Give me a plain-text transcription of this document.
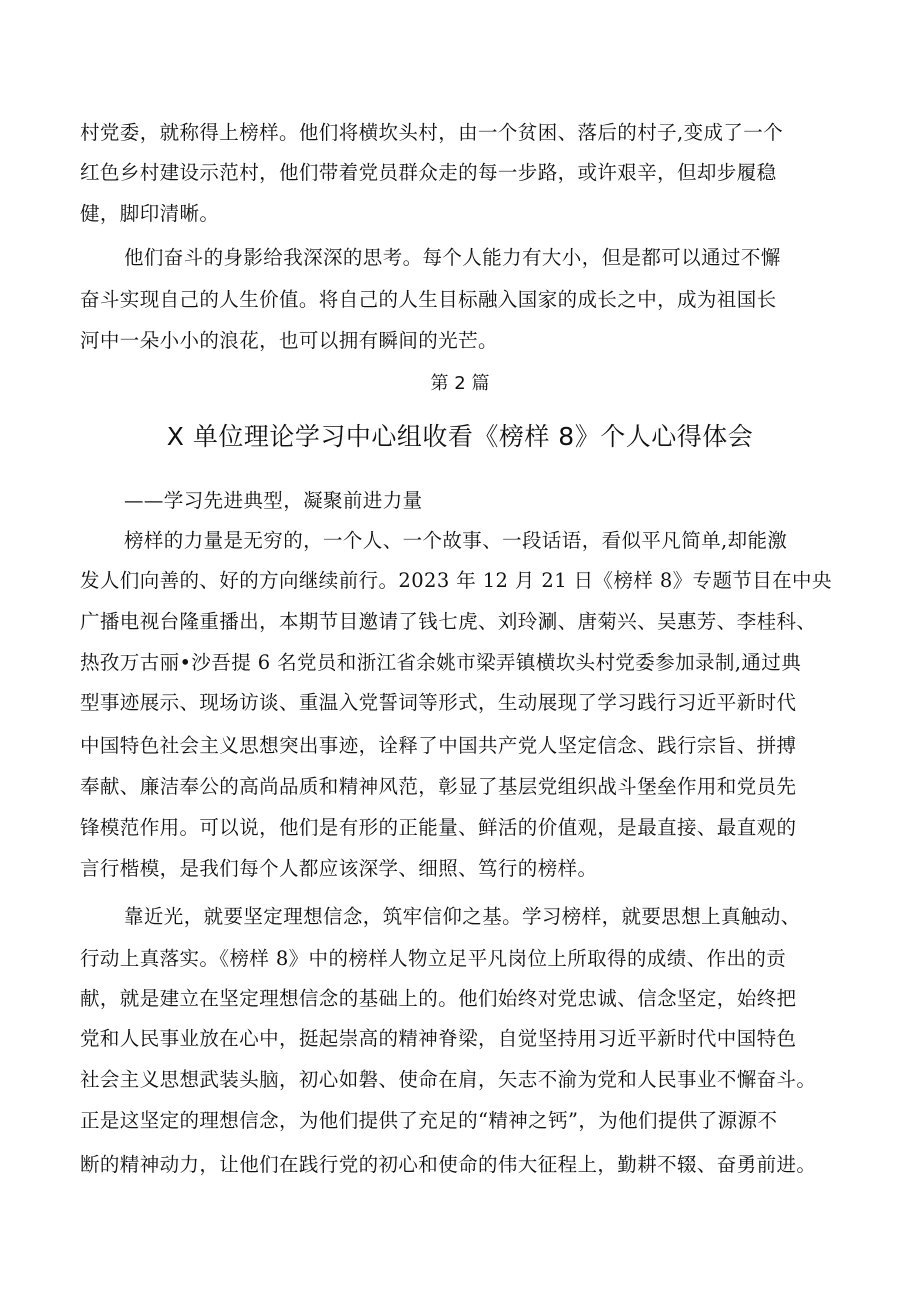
村党委，就称得上榜样。他们将横坎头村，由一个贫困、落后的村子,变成了一个
红色乡村建设示范村，他们带着党员群众走的每一步路，或许艰辛，但却步履稳
健，脚印清晰。
他们奋斗的身影给我深深的思考。每个人能力有大小，但是都可以通过不懈
奋斗实现自己的人生价值。将自己的人生目标融入国家的成长之中，成为祖国长
河中一朵小小的浪花，也可以拥有瞬间的光芒。
第 2 篇
X 单位理论学习中心组收看《榜样 8》个人心得体会
——学习先进典型，凝聚前进力量
榜样的力量是无穷的，一个人、一个故事、一段话语，看似平凡简单,却能激
发人们向善的、好的方向继续前行。2023 年 12 月 21 日《榜样 8》专题节目在中央
广播电视台隆重播出，本期节目邀请了钱七虎、刘玲涮、唐菊兴、吴惠芳、李桂科、
热孜万古丽•沙吾提 6 名党员和浙江省余姚市梁弄镇横坎头村党委参加录制,通过典
型事迹展示、现场访谈、重温入党誓词等形式，生动展现了学习践行习近平新时代
中国特色社会主义思想突出事迹，诠释了中国共产党人坚定信念、践行宗旨、拼搏
奉献、廉洁奉公的高尚品质和精神风范，彰显了基层党组织战斗堡垒作用和党员先
锋模范作用。可以说，他们是有形的正能量、鲜活的价值观，是最直接、最直观的
言行楷模，是我们每个人都应该深学、细照、笃行的榜样。
靠近光，就要坚定理想信念，筑牢信仰之基。学习榜样，就要思想上真触动、
行动上真落实。《榜样 8》中的榜样人物立足平凡岗位上所取得的成绩、作出的贡
献，就是建立在坚定理想信念的基础上的。他们始终对党忠诚、信念坚定，始终把
党和人民事业放在心中，挺起崇高的精神脊梁，自觉坚持用习近平新时代中国特色
社会主义思想武装头脑，初心如磐、使命在肩，矢志不渝为党和人民事业不懈奋斗。
正是这坚定的理想信念，为他们提供了充足的“精神之钙”，为他们提供了源源不
断的精神动力，让他们在践行党的初心和使命的伟大征程上，勤耕不辍、奋勇前进。
